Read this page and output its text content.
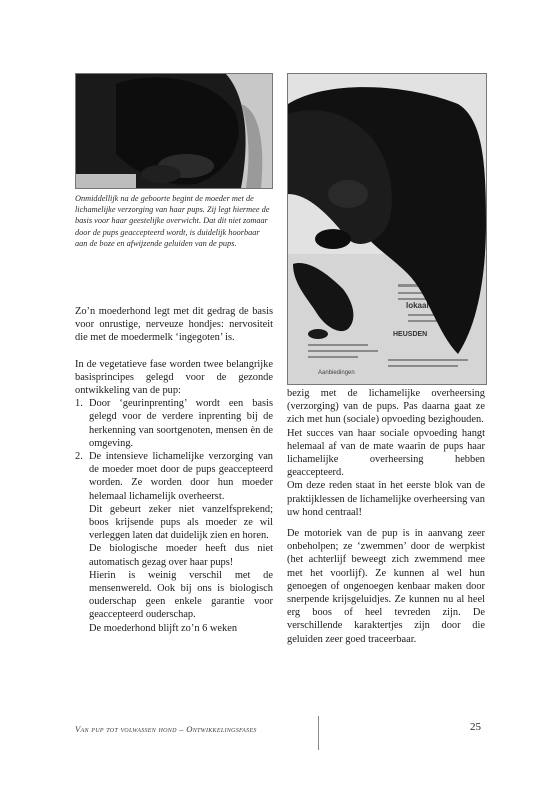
lokaal
HEUSDEN
Aanbiedingen

Onmiddellijk na de geboorte begint de moeder met de lichamelijke verzorging van haar pups. Zij legt hiermee de basis voor haar geestelijke overwicht. Dat dit niet zomaar door de pups geaccepteerd wordt, is duidelijk hoorbaar aan de boze en afwijzende geluiden van de pups.

Zo’n moederhond legt met dit gedrag de basis voor onrustige, nerveuze hondjes: nervositeit die met de moedermelk ‘ingegoten’ is.

In de vegetatieve fase worden twee belangrijke basisprincipes gelegd voor de gezonde ontwikkeling van de pup:

1. Door ‘geurinprenting’ wordt een basis gelegd voor de verdere inprenting bij de herkenning van soortgenoten, mensen èn de omgeving.

2. De intensieve lichamelijke verzorging van de moeder moet door de pups geaccepteerd worden. Ze worden door hun moeder helemaal lichamelijk overheerst.

Dit gebeurt zeker niet vanzelfsprekend; boos krijsende pups als moeder ze wil verleggen laten dat duidelijk zien en horen.

De biologische moeder heeft dus niet automatisch gezag over haar pups!

Hierin is weinig verschil met de mensenwereld. Ook bij ons is biologisch ouderschap geen enkele garantie voor geaccepteerd ouderschap.

De moederhond blijft zo’n 6 weken

bezig met de lichamelijke overheersing (verzorging) van de pups. Pas daarna gaat ze zich met hun (sociale) opvoeding bezighouden.

Het succes van haar sociale opvoeding hangt helemaal af van de mate waarin de pups haar lichamelijke overheersing hebben geaccepteerd.

Om deze reden staat in het eerste blok van de praktijklessen de lichamelijke overheersing van uw hond centraal!

De motoriek van de pup is in aanvang zeer onbeholpen; ze ‘zwemmen’ door de werpkist (het achterlijf beweegt zich zwemmend mee met het voorlijf). Ze kunnen al wel hun genoegen of ongenoegen kenbaar maken door snerpende krijsgeluidjes. Ze kunnen nu al heel erg boos of heel tevreden zijn. De verschillende karaktertjes zijn door die geluiden zeer goed traceerbaar.

Van pup tot volwassen hond – Ontwikkelingsfases	25
